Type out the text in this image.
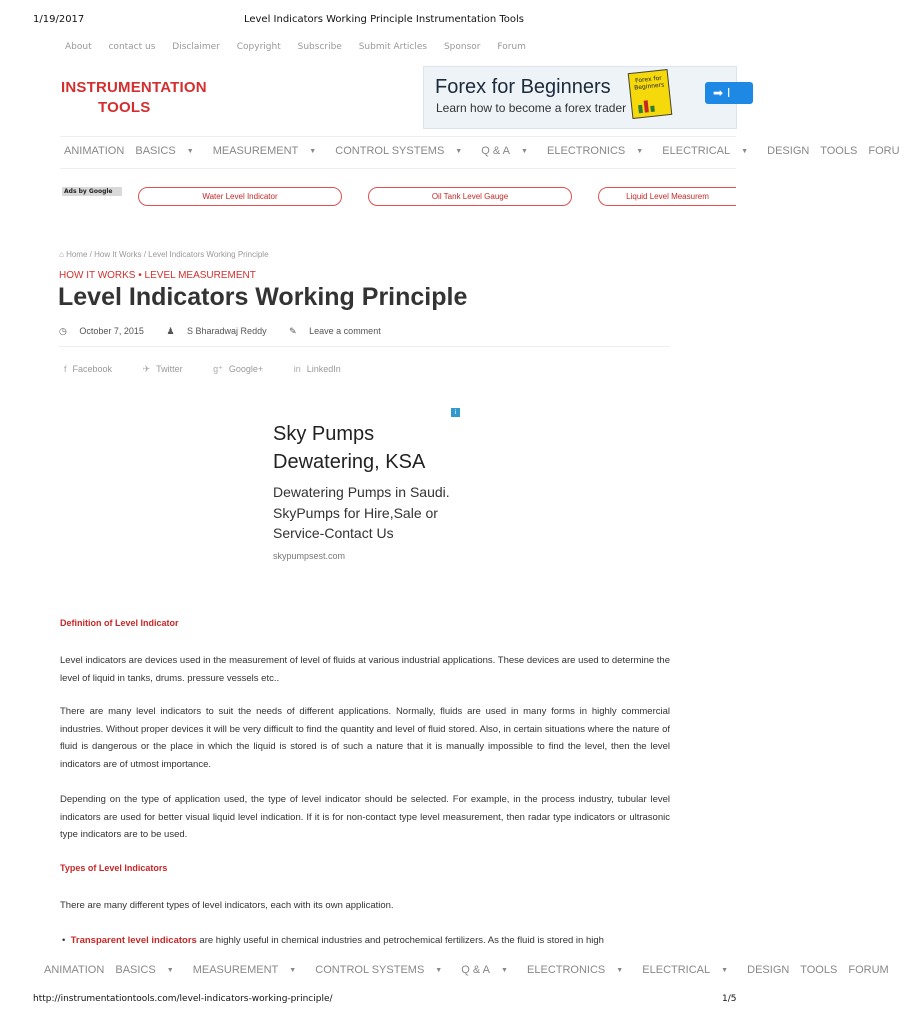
1/19/2017	Level Indicators Working Principle Instrumentation Tools
About contact us Disclaimer Copyright Subscribe Submit Articles Sponsor Forum
INSTRUMENTATION
TOOLS
Forex for Beginners
Learn how to become a forex trader
Forex for Beginners	➡ I
ANIMATION BASICS ▼ MEASUREMENT ▼ CONTROL SYSTEMS ▼ Q & A ▼ ELECTRONICS ▼ ELECTRICAL ▼ DESIGN TOOLS FORU
Ads by Google
Water Level Indicator	Oil Tank Level Gauge	Liquid Level Measurem
⌂ Home / How It Works / Level Indicators Working Principle
HOW IT WORKS • LEVEL MEASUREMENT
Level Indicators Working Principle
◷ October 7, 2015	♟ S Bharadwaj Reddy	✎ Leave a comment
f Facebook	✈ Twitter	g⁺ Google+	in LinkedIn
i
Sky Pumps
Dewatering, KSA
Dewatering Pumps in Saudi.
SkyPumps for Hire,Sale or
Service-Contact Us
skypumpsest.com
Definition of Level Indicator
Level indicators are devices used in the measurement of level of fluids at various industrial applications. These devices are used to determine the level of liquid in tanks, drums. pressure vessels etc..
There are many level indicators to suit the needs of different applications. Normally, fluids are used in many forms in highly commercial industries. Without proper devices it will be very difficult to find the quantity and level of fluid stored. Also, in certain situations where the nature of fluid is dangerous or the place in which the liquid is stored is of such a nature that it is manually impossible to find the level, then the level indicators are of utmost importance.
Depending on the type of application used, the type of level indicator should be selected. For example, in the process industry, tubular level indicators are used for better visual liquid level indication. If it is for non-contact type level measurement, then radar type indicators or ultrasonic type indicators are to be used.
Types of Level Indicators
There are many different types of level indicators, each with its own application.
• Transparent level indicators are highly useful in chemical industries and petrochemical fertilizers. As the fluid is stored in high
ANIMATION BASICS ▼ MEASUREMENT ▼ CONTROL SYSTEMS ▼ Q & A ▼ ELECTRONICS ▼ ELECTRICAL ▼ DESIGN TOOLS FORUM
http://instrumentationtools.com/level-indicators-working-principle/	1/5
